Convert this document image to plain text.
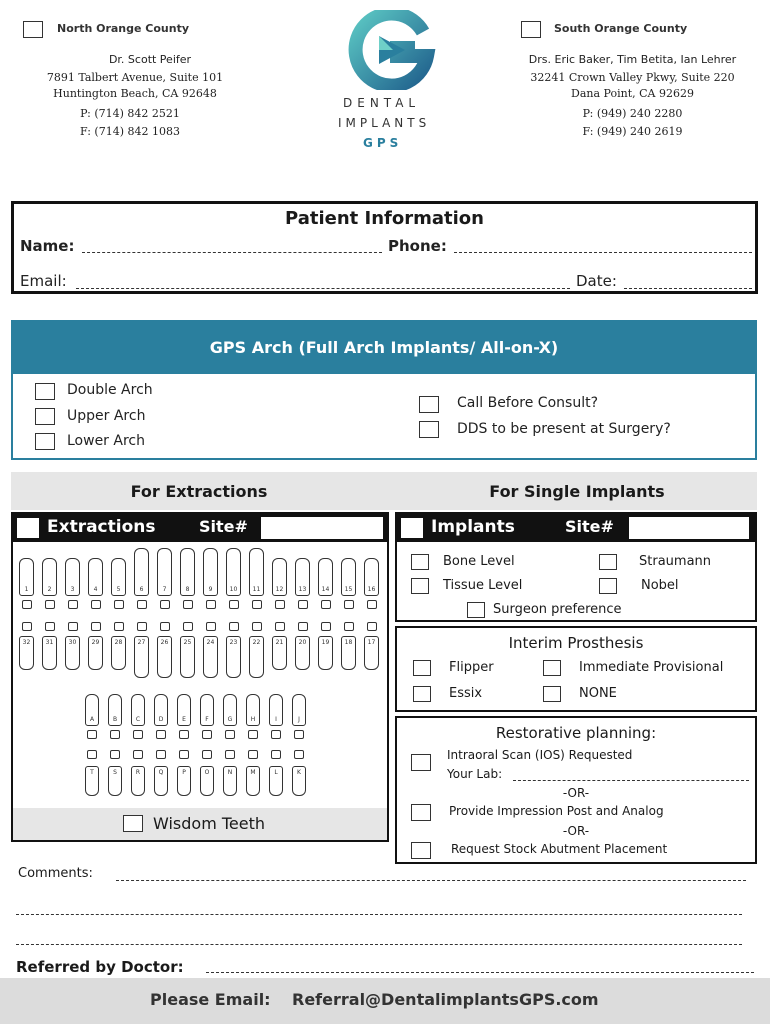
North Orange County
Dr. Scott Peifer
7891 Talbert Avenue, Suite 101
Huntington Beach, CA 92648
P: (714) 842 2521
F: (714) 842 1083
DENTAL
IMPLANTS
GPS
South Orange County
Drs. Eric Baker, Tim Betita, Ian Lehrer
32241 Crown Valley Pkwy, Suite 220
Dana Point, CA 92629
P: (949) 240 2280
F: (949) 240 2619
Patient Information
Name:	Phone:
Email:	Date:
GPS Arch (Full Arch Implants/ All-on-X)
Double Arch
Upper Arch
Lower Arch
Call Before Consult?
DDS to be present at Surgery?
For Extractions	For Single Implants
Extractions	Site#
1	2	3	4	5	6	7	8	9	10	11	12	13	14	15	16
32	31	30	29	28	27	26	25	24	23	22	21	20	19	18	17
A	B	C	D	E	F	G	H	I	J
T	S	R	Q	P	O	N	M	L	K
Wisdom Teeth
Implants	Site#
Bone Level	Straumann
Tissue Level	Nobel
Surgeon preference
Interim Prosthesis
Flipper	Immediate Provisional
Essix	NONE
Restorative planning:
Intraoral Scan (IOS) Requested
Your Lab:
-OR-
Provide Impression Post and Analog
-OR-
Request Stock Abutment Placement
Comments:
Referred by Doctor:
Please Email: Referral@DentalimplantsGPS.com
